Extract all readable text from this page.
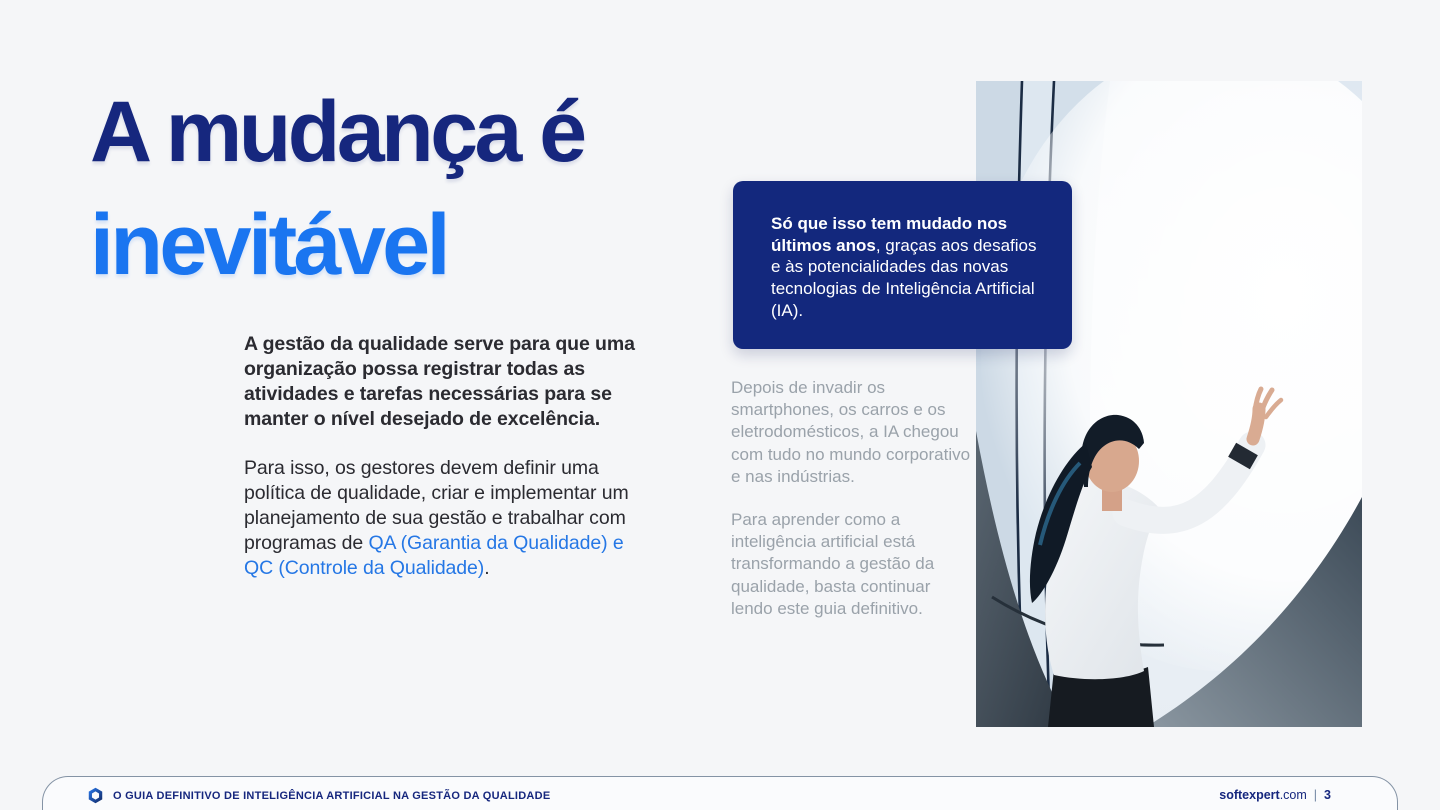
A mudança é
inevitável

A gestão da qualidade serve para que uma organização possa registrar todas as atividades e tarefas necessárias para se manter o nível desejado de excelência.

Para isso, os gestores devem definir uma política de qualidade, criar e implementar um planejamento de sua gestão e trabalhar com programas de QA (Garantia da Qualidade) e QC (Controle da Qualidade).

Só que isso tem mudado nos últimos anos, graças aos desafios e às potencialidades das novas tecnologias de Inteligência Artificial (IA).

Depois de invadir os smartphones, os carros e os eletrodomésticos, a IA chegou com tudo no mundo corporativo e nas indústrias.

Para aprender como a inteligência artificial está transformando a gestão da qualidade, basta continuar lendo este guia definitivo.

O GUIA DEFINITIVO DE INTELIGÊNCIA ARTIFICIAL NA GESTÃO DA QUALIDADE	softexpert.com | 3
